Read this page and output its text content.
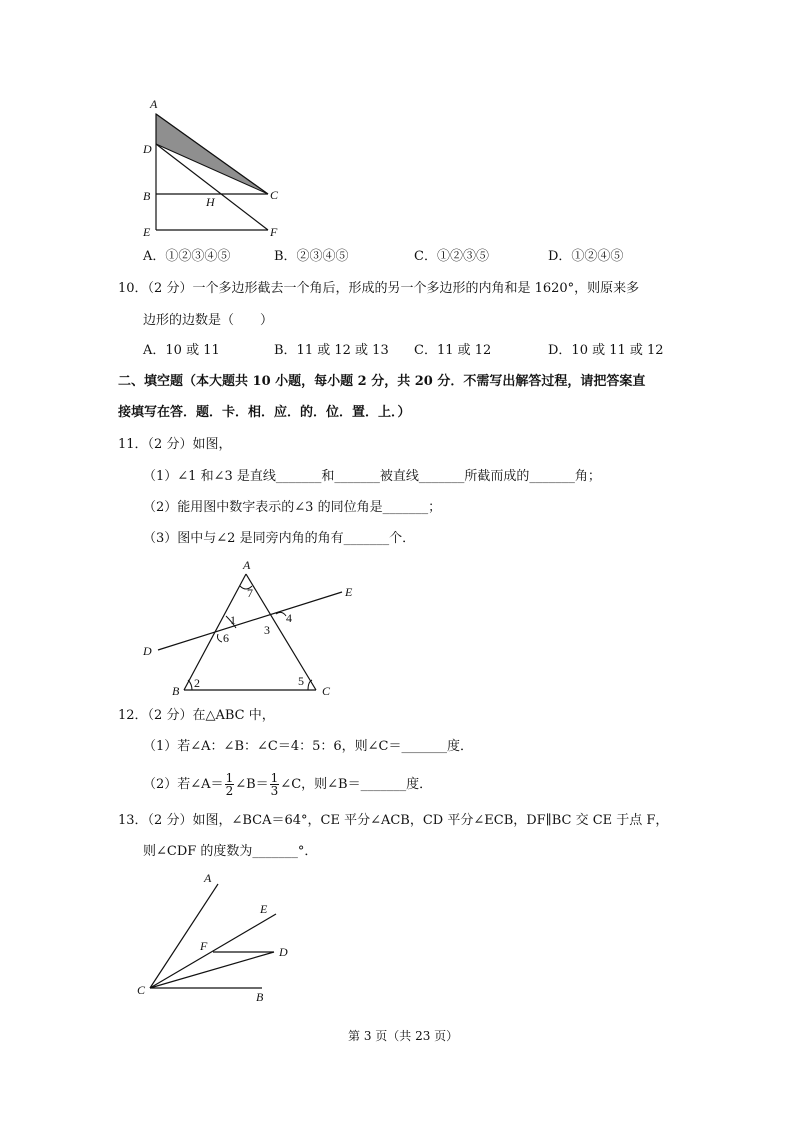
A
D
B	C
H
E	F
A．①②③④⑤	B．②③④⑤	C．①②③⑤	D．①②④⑤
10．（2 分）一个多边形截去一个角后，形成的另一个多边形的内角和是 1620°，则原来多
边形的边数是（　　）
A．10 或 11	B．11 或 12 或 13 C．11 或 12	D．10 或 11 或 12
二、填空题（本大题共 10 小题，每小题 2 分，共 20 分．不需写出解答过程，请把答案直
接填写在答．题．卡．相．应．的．位．置．上．）
11．（2 分）如图，
（1）∠1 和∠3 是直线_______和_______被直线_______所截而成的_______角；
（2）能用图中数字表示的∠3 的同位角是_______；
（3）图中与∠2 是同旁内角的角有_______个．
A
E
D
B	C
7
1
6
3
4
2	5
12．（2 分）在△ABC 中，
（1）若∠A：∠B：∠C＝4：5：6，则∠C＝_______度．
（2）若∠A＝ $\frac{1}{2}$ ∠B＝ $\frac{1}{3}$ ∠C，则∠B＝_______度．
13．（2 分）如图，∠BCA＝64°，CE 平分∠ACB，CD 平分∠ECB，DF∥BC 交 CE 于点 F，
则∠CDF 的度数为_______°．
A
E
F	D
C	B
第 3 页（共 23 页）
